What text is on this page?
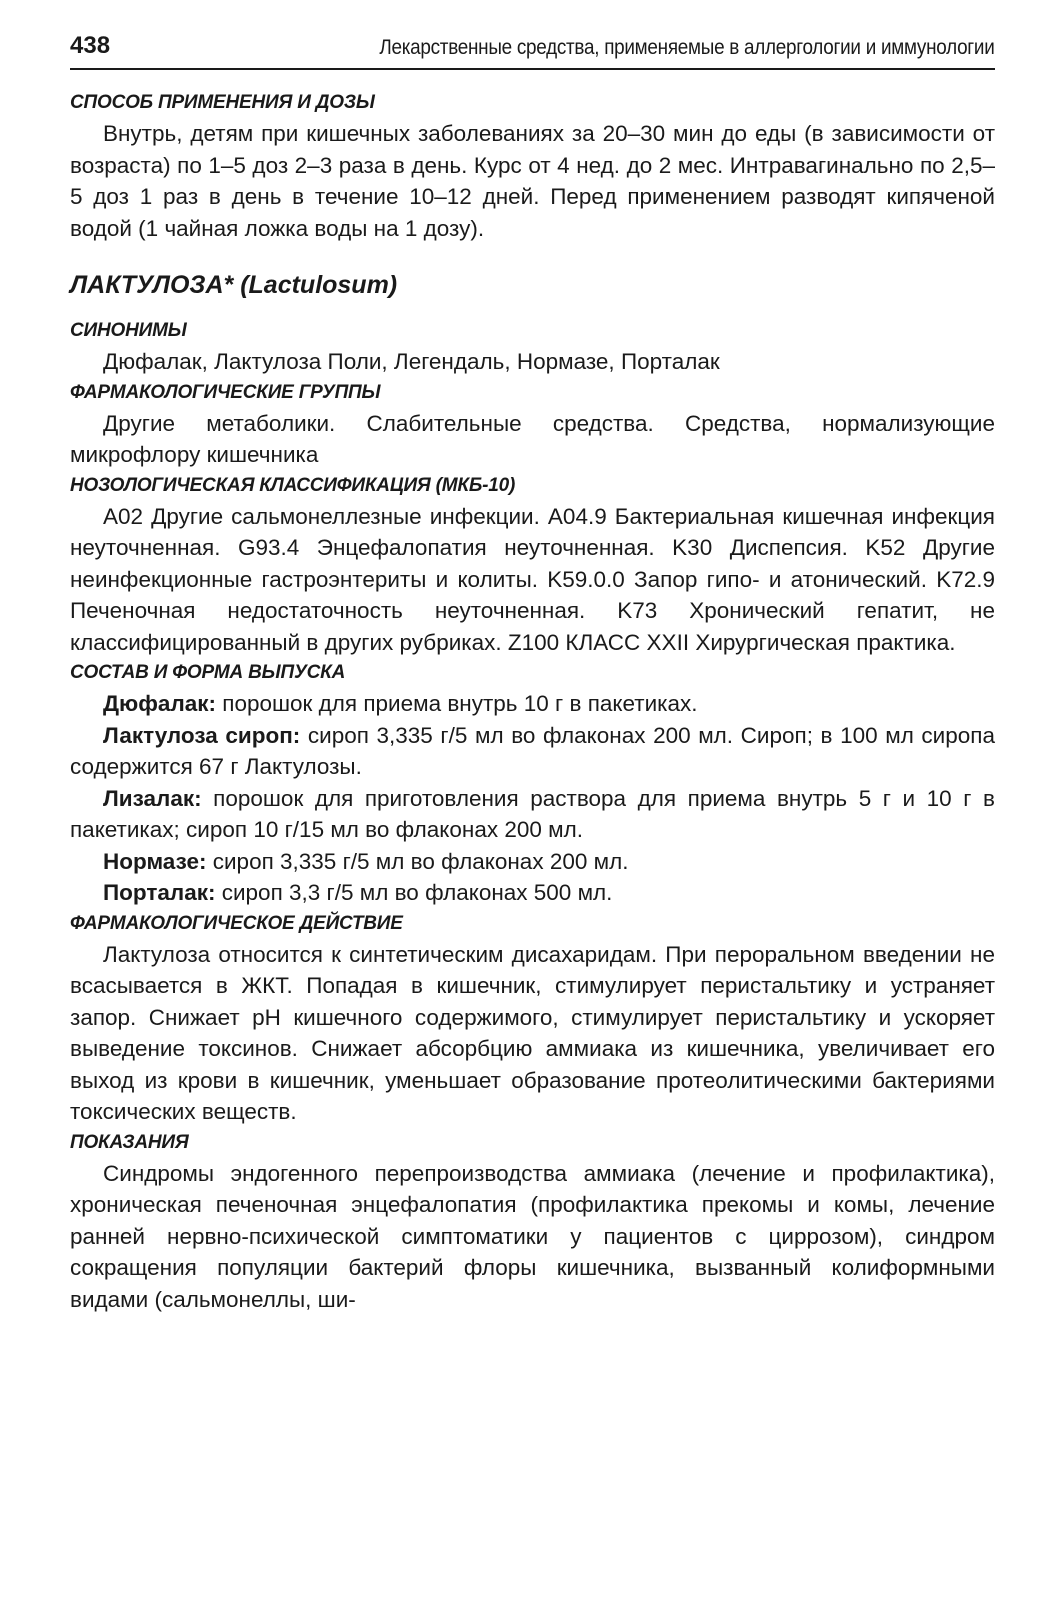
438	Лекарственные средства, применяемые в аллергологии и иммунологии
СПОСОБ ПРИМЕНЕНИЯ И ДОЗЫ

Внутрь, детям при кишечных заболеваниях за 20–30 мин до еды (в зависимости от возраста) по 1–5 доз 2–3 раза в день. Курс от 4 нед. до 2 мес. Интравагинально по 2,5–5 доз 1 раз в день в течение 10–12 дней. Перед применением разводят кипяченой водой (1 чайная ложка воды на 1 дозу).

ЛАКТУЛОЗА* (Lactulosum)
СИНОНИМЫ

Дюфалак, Лактулоза Поли, Легендаль, Нормазе, Порталак

ФАРМАКОЛОГИЧЕСКИЕ ГРУППЫ

Другие метаболики. Слабительные средства. Средства, нормализующие микрофлору кишечника

НОЗОЛОГИЧЕСКАЯ КЛАССИФИКАЦИЯ (МКБ-10)

A02 Другие сальмонеллезные инфекции. A04.9 Бактериальная кишечная инфекция неуточненная. G93.4 Энцефалопатия неуточненная. K30 Диспепсия. K52 Другие неинфекционные гастроэнтериты и колиты. K59.0.0 Запор гипо- и атонический. K72.9 Печеночная недостаточность неуточненная. K73 Хронический гепатит, не классифицированный в других рубриках. Z100 КЛАСС XXII Хирургическая практика.

СОСТАВ И ФОРМА ВЫПУСКА

Дюфалак: порошок для приема внутрь 10 г в пакетиках.

Лактулоза сироп: сироп 3,335 г/5 мл во флаконах 200 мл. Сироп; в 100 мл сиропа содержится 67 г Лактулозы.

Лизалак: порошок для приготовления раствора для приема внутрь 5 г и 10 г в пакетиках; сироп 10 г/15 мл во флаконах 200 мл.

Нормазе: сироп 3,335 г/5 мл во флаконах 200 мл.

Порталак: сироп 3,3 г/5 мл во флаконах 500 мл.

ФАРМАКОЛОГИЧЕСКОЕ ДЕЙСТВИЕ

Лактулоза относится к синтетическим дисахаридам. При пероральном введении не всасывается в ЖКТ. Попадая в кишечник, стимулирует перистальтику и устраняет запор. Снижает pH кишечного содержимого, стимулирует перистальтику и ускоряет выведение токсинов. Снижает абсорбцию аммиака из кишечника, увеличивает его выход из крови в кишечник, уменьшает образование протеолитическими бактериями токсических веществ.

ПОКАЗАНИЯ

Синдромы эндогенного перепроизводства аммиака (лечение и профилактика), хроническая печеночная энцефалопатия (профилактика прекомы и комы, лечение ранней нервно-психической симптоматики у пациентов с циррозом), синдром сокращения популяции бактерий флоры кишечника, вызванный колиформными видами (сальмонеллы, ши-
